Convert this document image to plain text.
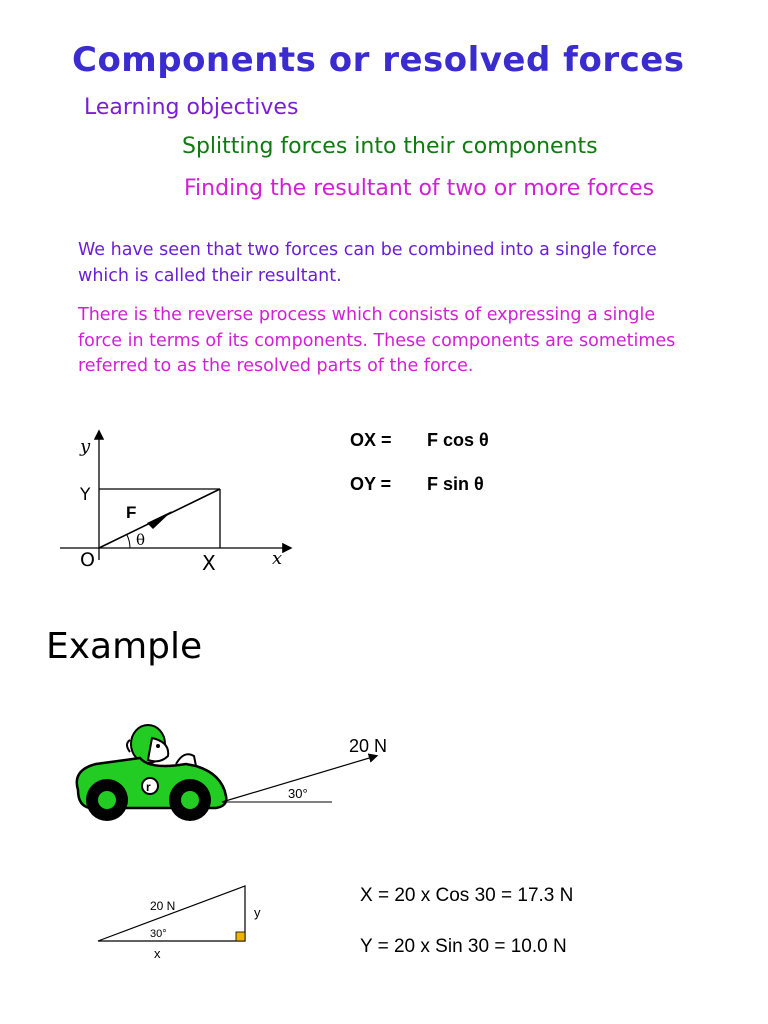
Components or resolved forces
Learning objectives
Splitting forces into their components
Finding the resultant of two or more forces
We have seen that two forces can be combined into a single force which is called their resultant.
There is the reverse process which consists of expressing a single force in terms of its components. These components are sometimes referred to as the resolved parts of the force.
r
y
Y
F
θ
O	X	x
20 N
30°
20 N
30°
y
x
OX = F cos θ
OY = F sin θ
Example
X = 20 x Cos 30 = 17.3 N
Y = 20 x Sin 30 = 10.0 N
